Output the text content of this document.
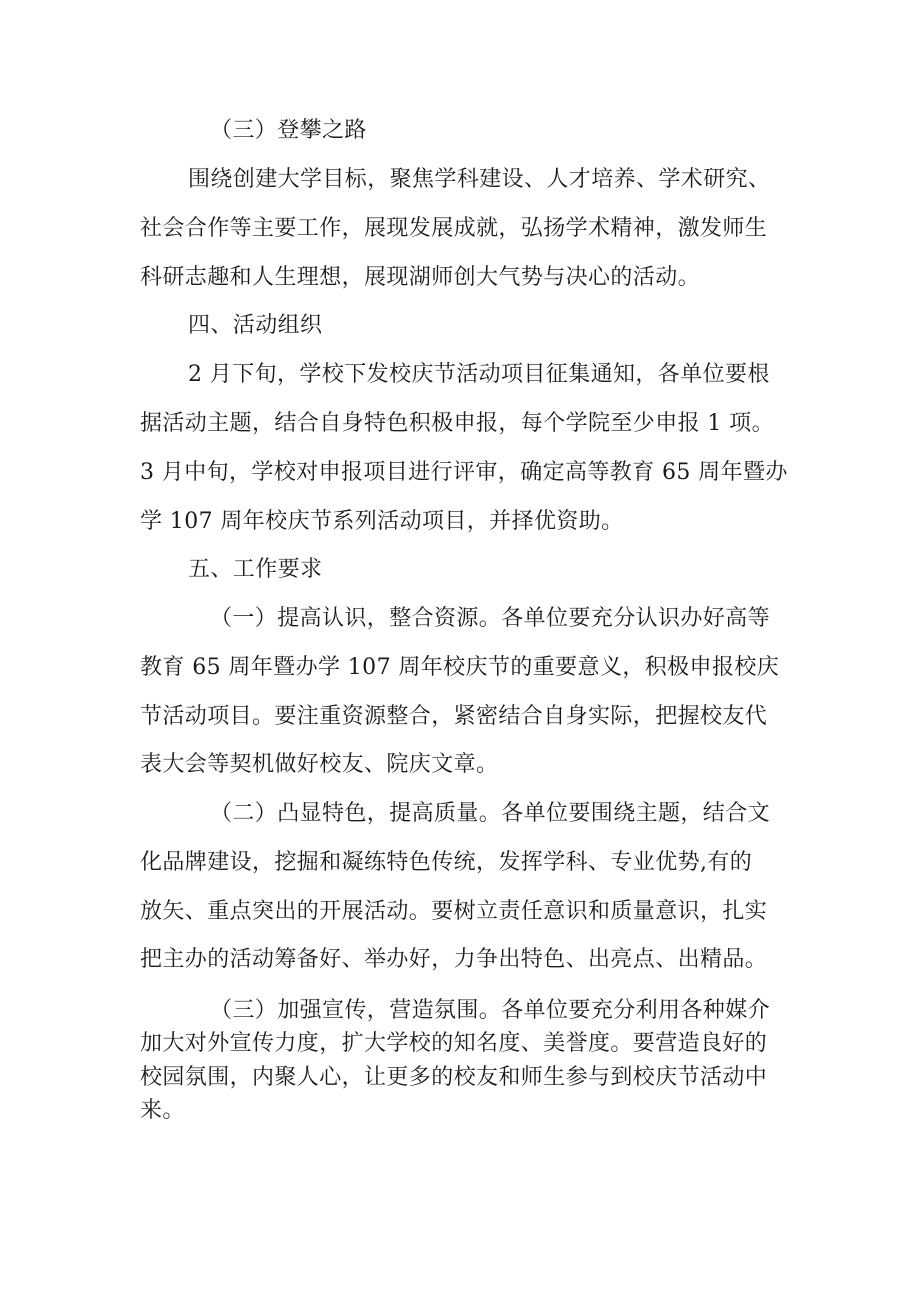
（三）登攀之路

围绕创建大学目标，聚焦学科建设、人才培养、学术研究、

社会合作等主要工作，展现发展成就，弘扬学术精神，激发师生

科研志趣和人生理想，展现湖师创大气势与决心的活动。

四、活动组织

2 月下旬，学校下发校庆节活动项目征集通知，各单位要根

据活动主题，结合自身特色积极申报，每个学院至少申报 1 项。

3 月中旬，学校对申报项目进行评审，确定高等教育 65 周年暨办

学 107 周年校庆节系列活动项目，并择优资助。

五、工作要求

（一）提高认识，整合资源。各单位要充分认识办好高等

教育 65 周年暨办学 107 周年校庆节的重要意义，积极申报校庆

节活动项目。要注重资源整合，紧密结合自身实际，把握校友代

表大会等契机做好校友、院庆文章。

（二）凸显特色，提高质量。各单位要围绕主题，结合文

化品牌建设，挖掘和凝练特色传统，发挥学科、专业优势,有的

放矢、重点突出的开展活动。要树立责任意识和质量意识，扎实

把主办的活动筹备好、举办好，力争出特色、出亮点、出精品。

（三）加强宣传，营造氛围。各单位要充分利用各种媒介

加大对外宣传力度，扩大学校的知名度、美誉度。要营造良好的

校园氛围，内聚人心，让更多的校友和师生参与到校庆节活动中

来。
